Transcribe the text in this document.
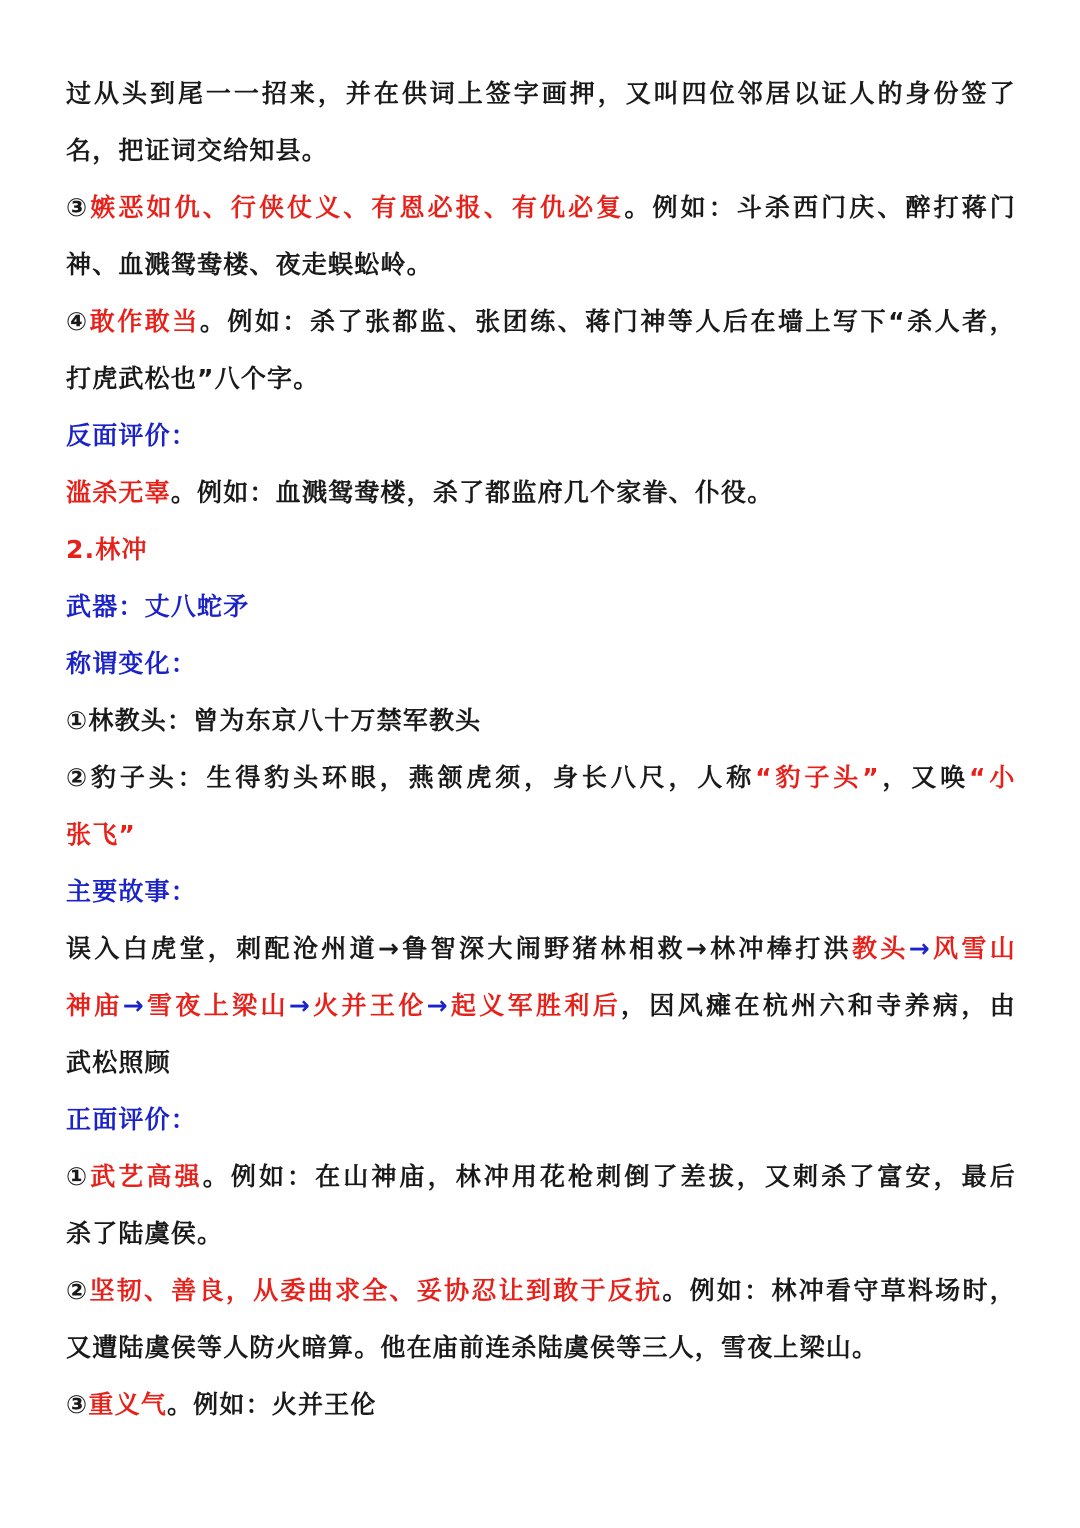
过 从 头 到 尾 一 一 招 来 ， 并 在 供 词 上 签 字 画 押 ， 又 叫 四 位 邻 居 以 证 人 的 身 份 签 了
名，把证词交给知县。
③ 嫉 恶 如 仇 、 行 侠 仗 义 、 有 恩 必 报 、 有 仇 必 复 。 例 如 ： 斗 杀 西 门 庆 、 醉 打 蒋 门
神、血溅鸳鸯楼、夜走蜈蚣岭。
④ 敢 作 敢 当 。 例 如 ： 杀 了 张 都 监 、 张 团 练 、 蒋 门 神 等 人 后 在 墙 上 写 下 “ 杀 人 者 ，
打虎武松也”八个字。
反面评价：
滥杀无辜。例如：血溅鸳鸯楼，杀了都监府几个家眷、仆役。
2.林冲
武器：丈八蛇矛
称谓变化：
①林教头：曾为东京八十万禁军教头
② 豹 子 头 ： 生 得 豹 头 环 眼 ， 燕 颔 虎 须 ， 身 长 八 尺 ， 人 称 “ 豹 子 头 ” ， 又 唤 “ 小
张飞”
主要故事：
误 入 白 虎 堂 ， 刺 配 沧 州 道 → 鲁 智 深 大 闹 野 猪 林 相 救 → 林 冲 棒 打 洪 教 头 → 风 雪 山
神 庙 → 雪 夜 上 梁 山 → 火 并 王 伦 → 起 义 军 胜 利 后 ， 因 风 瘫 在 杭 州 六 和 寺 养 病 ， 由
武松照顾
正面评价：
① 武 艺 高 强 。 例 如 ： 在 山 神 庙 ， 林 冲 用 花 枪 刺 倒 了 差 拔 ， 又 刺 杀 了 富 安 ， 最 后
杀了陆虞侯。
② 坚 韧 、 善 良 ， 从 委 曲 求 全 、 妥 协 忍 让 到 敢 于 反 抗 。 例 如 ： 林 冲 看 守 草 料 场 时 ，
又遭陆虞侯等人防火暗算。他在庙前连杀陆虞侯等三人，雪夜上梁山。
③重义气。例如：火并王伦
